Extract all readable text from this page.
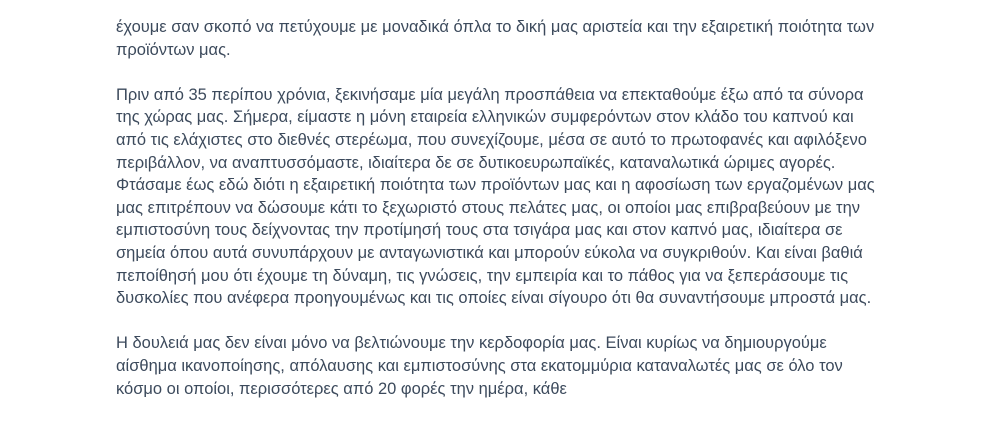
έχουμε σαν σκοπό να πετύχουμε με μοναδικά όπλα το δική μας αριστεία και την εξαιρετική ποιότητα των προϊόντων μας.

Πριν από 35 περίπου χρόνια, ξεκινήσαμε μία μεγάλη προσπάθεια να επεκταθούμε έξω από τα σύνορα της χώρας μας. Σήμερα, είμαστε η μόνη εταιρεία ελληνικών συμφερόντων στον κλάδο του καπνού και από τις ελάχιστες στο διεθνές στερέωμα, που συνεχίζουμε, μέσα σε αυτό το πρωτοφανές και αφιλόξενο περιβάλλον, να αναπτυσσόμαστε, ιδιαίτερα δε σε δυτικοευρωπαϊκές, καταναλωτικά ώριμες αγορές. Φτάσαμε έως εδώ διότι η εξαιρετική ποιότητα των προϊόντων μας και η αφοσίωση των εργαζομένων μας μας επιτρέπουν να δώσουμε κάτι το ξεχωριστό στους πελάτες μας, οι οποίοι μας επιβραβεύουν με την εμπιστοσύνη τους δείχνοντας την προτίμησή τους στα τσιγάρα μας και στον καπνό μας, ιδιαίτερα σε σημεία όπου αυτά συνυπάρχουν με ανταγωνιστικά και μπορούν εύκολα να συγκριθούν. Και είναι βαθιά πεποίθησή μου ότι έχουμε τη δύναμη, τις γνώσεις, την εμπειρία και το πάθος για να ξεπεράσουμε τις δυσκολίες που ανέφερα προηγουμένως και τις οποίες είναι σίγουρο ότι θα συναντήσουμε μπροστά μας.

Η δουλειά μας δεν είναι μόνο να βελτιώνουμε την κερδοφορία μας. Είναι κυρίως να δημιουργούμε αίσθημα ικανοποίησης, απόλαυσης και εμπιστοσύνης στα εκατομμύρια καταναλωτές μας σε όλο τον κόσμο οι οποίοι, περισσότερες από 20 φορές την ημέρα, κάθε
